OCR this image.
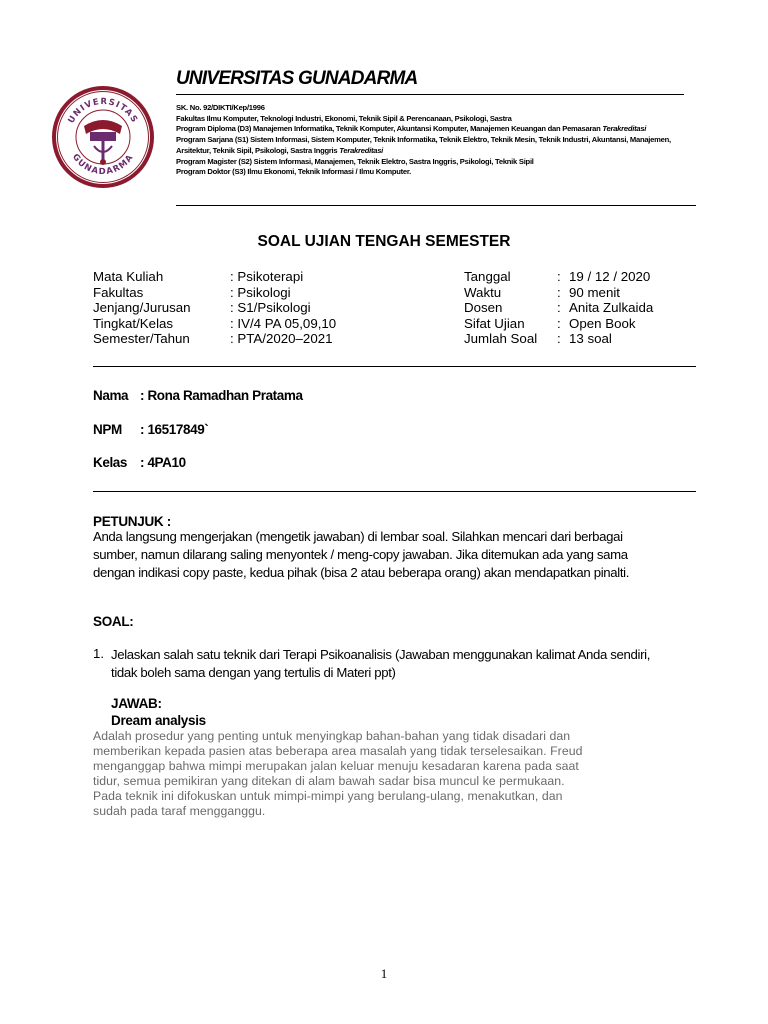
UNIVERSITAS
GUNADARMA
UNIVERSITAS GUNADARMA
SK. No. 92/DIKTI/Kep/1996
Fakultas Ilmu Komputer, Teknologi Industri, Ekonomi, Teknik Sipil & Perencanaan, Psikologi, Sastra
Program Diploma (D3) Manajemen Informatika, Teknik Komputer, Akuntansi Komputer, Manajemen Keuangan dan Pemasaran Terakreditasi
Program Sarjana (S1) Sistem Informasi, Sistem Komputer, Teknik Informatika, Teknik Elektro, Teknik Mesin, Teknik Industri, Akuntansi, Manajemen,
Arsitektur, Teknik Sipil, Psikologi, Sastra Inggris Terakreditasi
Program Magister (S2) Sistem Informasi, Manajemen, Teknik Elektro, Sastra Inggris, Psikologi, Teknik Sipil
Program Doktor (S3) Ilmu Ekonomi, Teknik Informasi / Ilmu Komputer.
SOAL UJIAN TENGAH SEMESTER
Mata Kuliah
Fakultas
Jenjang/Jurusan
Tingkat/Kelas
Semester/Tahun
: Psikoterapi
: Psikologi
: S1/Psikologi
: IV/4 PA 05,09,10
: PTA/2020–2021
Tanggal
Waktu
Dosen
Sifat Ujian
Jumlah Soal
: 19 / 12 / 2020
: 90 menit
: Anita Zulkaida
: Open Book
: 13 soal
Nama : Rona Ramadhan Pratama
NPM : 16517849`
Kelas : 4PA10
PETUNJUK :
Anda langsung mengerjakan (mengetik jawaban) di lembar soal. Silahkan mencari dari berbagai
sumber, namun dilarang saling menyontek / meng-copy jawaban. Jika ditemukan ada yang sama
dengan indikasi copy paste, kedua pihak (bisa 2 atau beberapa orang) akan mendapatkan pinalti.
SOAL:
1. Jelaskan salah satu teknik dari Terapi Psikoanalisis (Jawaban menggunakan kalimat Anda sendiri,
tidak boleh sama dengan yang tertulis di Materi ppt)
JAWAB:
Dream analysis
Adalah prosedur yang penting untuk menyingkap bahan-bahan yang tidak disadari dan
memberikan kepada pasien atas beberapa area masalah yang tidak terselesaikan. Freud
menganggap bahwa mimpi merupakan jalan keluar menuju kesadaran karena pada saat
tidur, semua pemikiran yang ditekan di alam bawah sadar bisa muncul ke permukaan.
Pada teknik ini difokuskan untuk mimpi-mimpi yang berulang-ulang, menakutkan, dan
sudah pada taraf mengganggu.
1
